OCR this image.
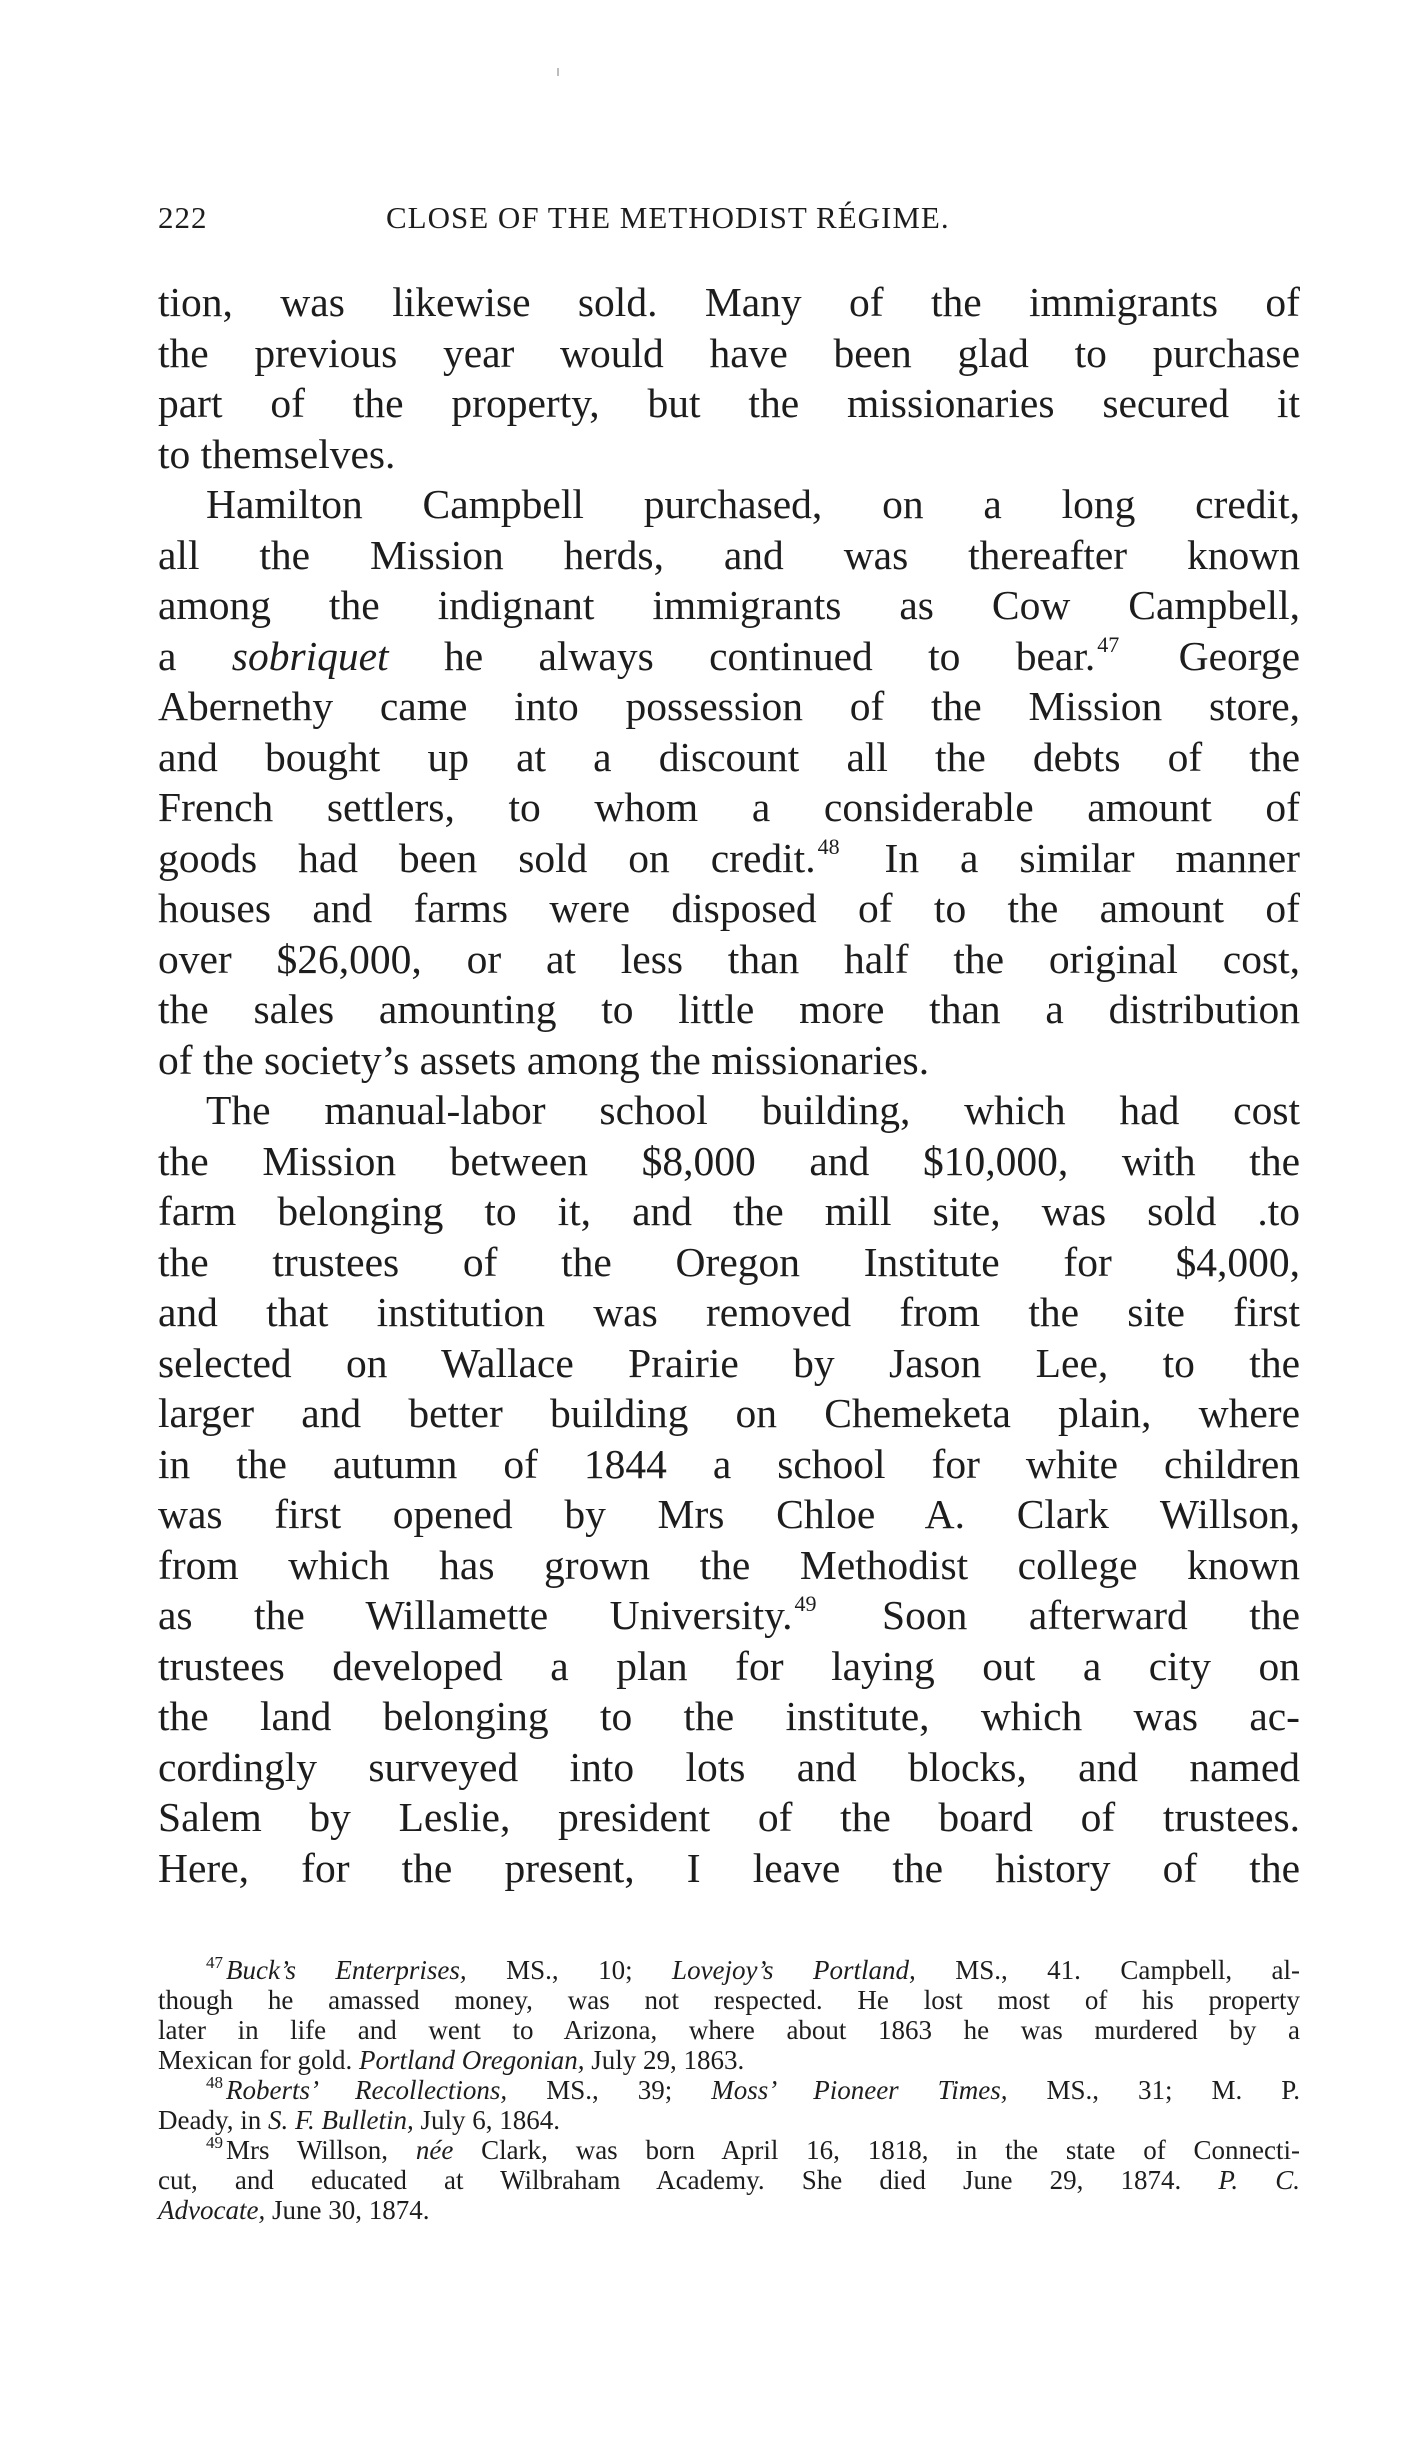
222	CLOSE OF THE METHODIST RÉGIME.
tion, was likewise sold. Many of the immigrants of
the previous year would have been glad to purchase
part of the property, but the missionaries secured it
to themselves.
Hamilton Campbell purchased, on a long credit,
all the Mission herds, and was thereafter known
among the indignant immigrants as Cow Campbell,
a sobriquet he always continued to bear.$^{47}$ George
Abernethy came into possession of the Mission store,
and bought up at a discount all the debts of the
French settlers, to whom a considerable amount of
goods had been sold on credit.$^{48}$ In a similar manner
houses and farms were disposed of to the amount of
over $26,000, or at less than half the original cost,
the sales amounting to little more than a distribution
of the society’s assets among the missionaries.
The manual-labor school building, which had cost
the Mission between $8,000 and $10,000, with the
farm belonging to it, and the mill site, was sold .to
the trustees of the Oregon Institute for $4,000,
and that institution was removed from the site first
selected on Wallace Prairie by Jason Lee, to the
larger and better building on Chemeketa plain, where
in the autumn of 1844 a school for white children
was first opened by Mrs Chloe A. Clark Willson,
from which has grown the Methodist college known
as the Willamette University.$^{49}$ Soon afterward the
trustees developed a plan for laying out a city on
the land belonging to the institute, which was ac-
cordingly surveyed into lots and blocks, and named
Salem by Leslie, president of the board of trustees.
Here, for the present, I leave the history of the
$^{47}$ Buck’s Enterprises, MS., 10; Lovejoy’s Portland, MS., 41. Campbell, al-
though he amassed money, was not respected. He lost most of his property
later in life and went to Arizona, where about 1863 he was murdered by a
Mexican for gold. Portland Oregonian, July 29, 1863.
$^{48}$ Roberts’ Recollections, MS., 39; Moss’ Pioneer Times, MS., 31; M. P.
Deady, in S. F. Bulletin, July 6, 1864.
$^{49}$ Mrs Willson, née Clark, was born April 16, 1818, in the state of Connecti-
cut, and educated at Wilbraham Academy. She died June 29, 1874. P. C.
Advocate, June 30, 1874.
